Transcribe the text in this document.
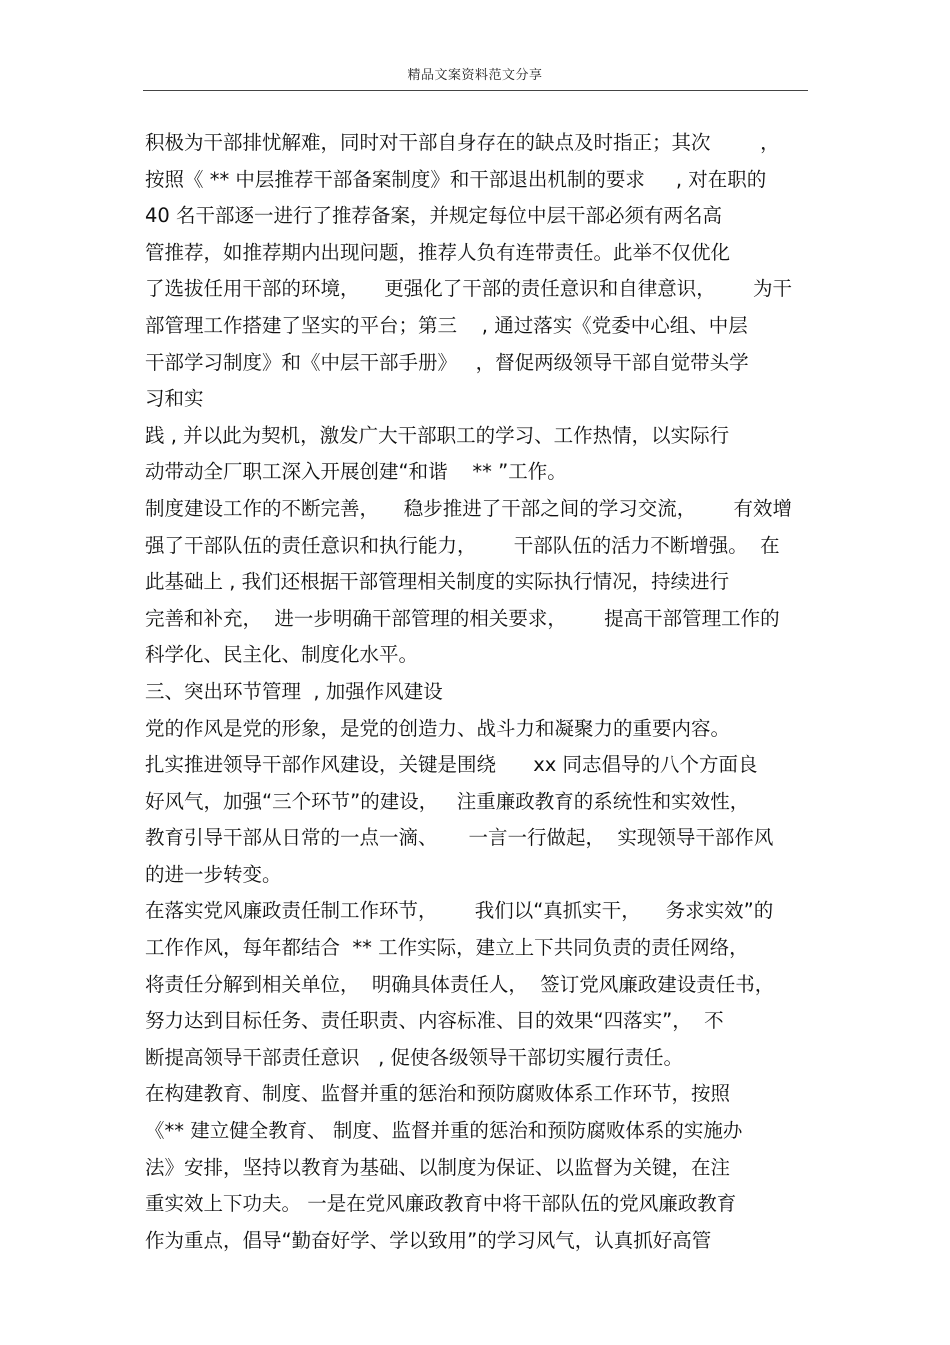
精品文案资料范文分享
积极为干部排忧解难，同时对干部自身存在的缺点及时指正；其次        ，
按照《 ** 中层推荐干部备案制度》和干部退出机制的要求     , 对在职的
40 名干部逐一进行了推荐备案，并规定每位中层干部必须有两名高
管推荐，如推荐期内出现问题，推荐人负有连带责任。此举不仅优化
了选拔任用干部的环境，    更强化了干部的责任意识和自律意识，      为干
部管理工作搭建了坚实的平台；第三    , 通过落实《党委中心组、中层
干部学习制度》和《中层干部手册》   ，督促两级领导干部自觉带头学
习和实
践 , 并以此为契机，激发广大干部职工的学习、工作热情，以实际行
动带动全厂职工深入开展创建“和谐    ** ”工作。
制度建设工作的不断完善，    稳步推进了干部之间的学习交流，      有效增
强了干部队伍的责任意识和执行能力，      干部队伍的活力不断增强。  在
此基础上 , 我们还根据干部管理相关制度的实际执行情况，持续进行
完善和补充，  进一步明确干部管理的相关要求，      提高干部管理工作的
科学化、民主化、制度化水平。
三、突出环节管理  , 加强作风建设
党的作风是党的形象，是党的创造力、战斗力和凝聚力的重要内容。
扎实推进领导干部作风建设，关键是围绕      xx 同志倡导的八个方面良
好风气，加强“三个环节”的建设，   注重廉政教育的系统性和实效性，
教育引导干部从日常的一点一滴、     一言一行做起，  实现领导干部作风
的进一步转变。
在落实党风廉政责任制工作环节，      我们以“真抓实干，    务求实效”的
工作作风，每年都结合  ** 工作实际，建立上下共同负责的责任网络，
将责任分解到相关单位，  明确具体责任人，  签订党风廉政建设责任书，
努力达到目标任务、责任职责、内容标准、目的效果“四落实”，  不
断提高领导干部责任意识   , 促使各级领导干部切实履行责任。
在构建教育、制度、监督并重的惩治和预防腐败体系工作环节，按照
《** 建立健全教育、 制度、监督并重的惩治和预防腐败体系的实施办
法》安排，坚持以教育为基础、以制度为保证、以监督为关键，在注
重实效上下功夫。 一是在党风廉政教育中将干部队伍的党风廉政教育
作为重点，倡导“勤奋好学、学以致用”的学习风气，认真抓好高管
